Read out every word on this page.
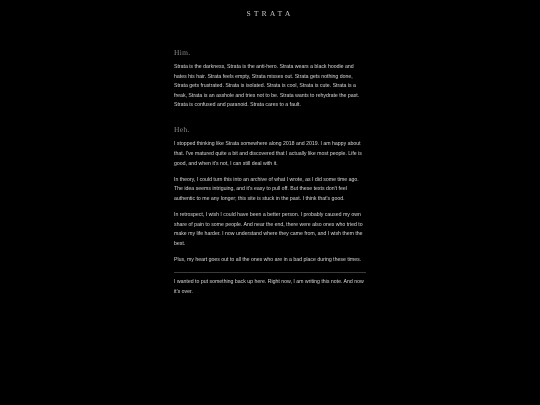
STRATA
Him.

Strata is the darkness, Strata is the anti-hero. Strata wears a black hoodie and hates his hair. Strata feels empty, Strata misses out. Strata gets nothing done, Strata gets frustrated. Strata is isolated. Strata is cool, Strata is cute. Strata is a freak, Strata is an asshole and tries not to be. Strata wants to rehydrate the past. Strata is confused and paranoid. Strata cares to a fault.

Heh.

I stopped thinking like Strata somewhere along 2018 and 2019. I am happy about that. I've matured quite a bit and discovered that I actually like most people. Life is good, and when it's not, I can still deal with it.

In theory, I could turn this into an archive of what I wrote, as I did some time ago. The idea seems intriguing, and it's easy to pull off. But these texts don't feel authentic to me any longer; this site is stuck in the past. I think that's good.

In retrospect, I wish I could have been a better person. I probably caused my own share of pain to some people. And near the end, there were also ones who tried to make my life harder. I now understand where they came from, and I wish them the best.

Plus, my heart goes out to all the ones who are in a bad place during these times.

I wanted to put something back up here. Right now, I am writing this note. And now it's over.
